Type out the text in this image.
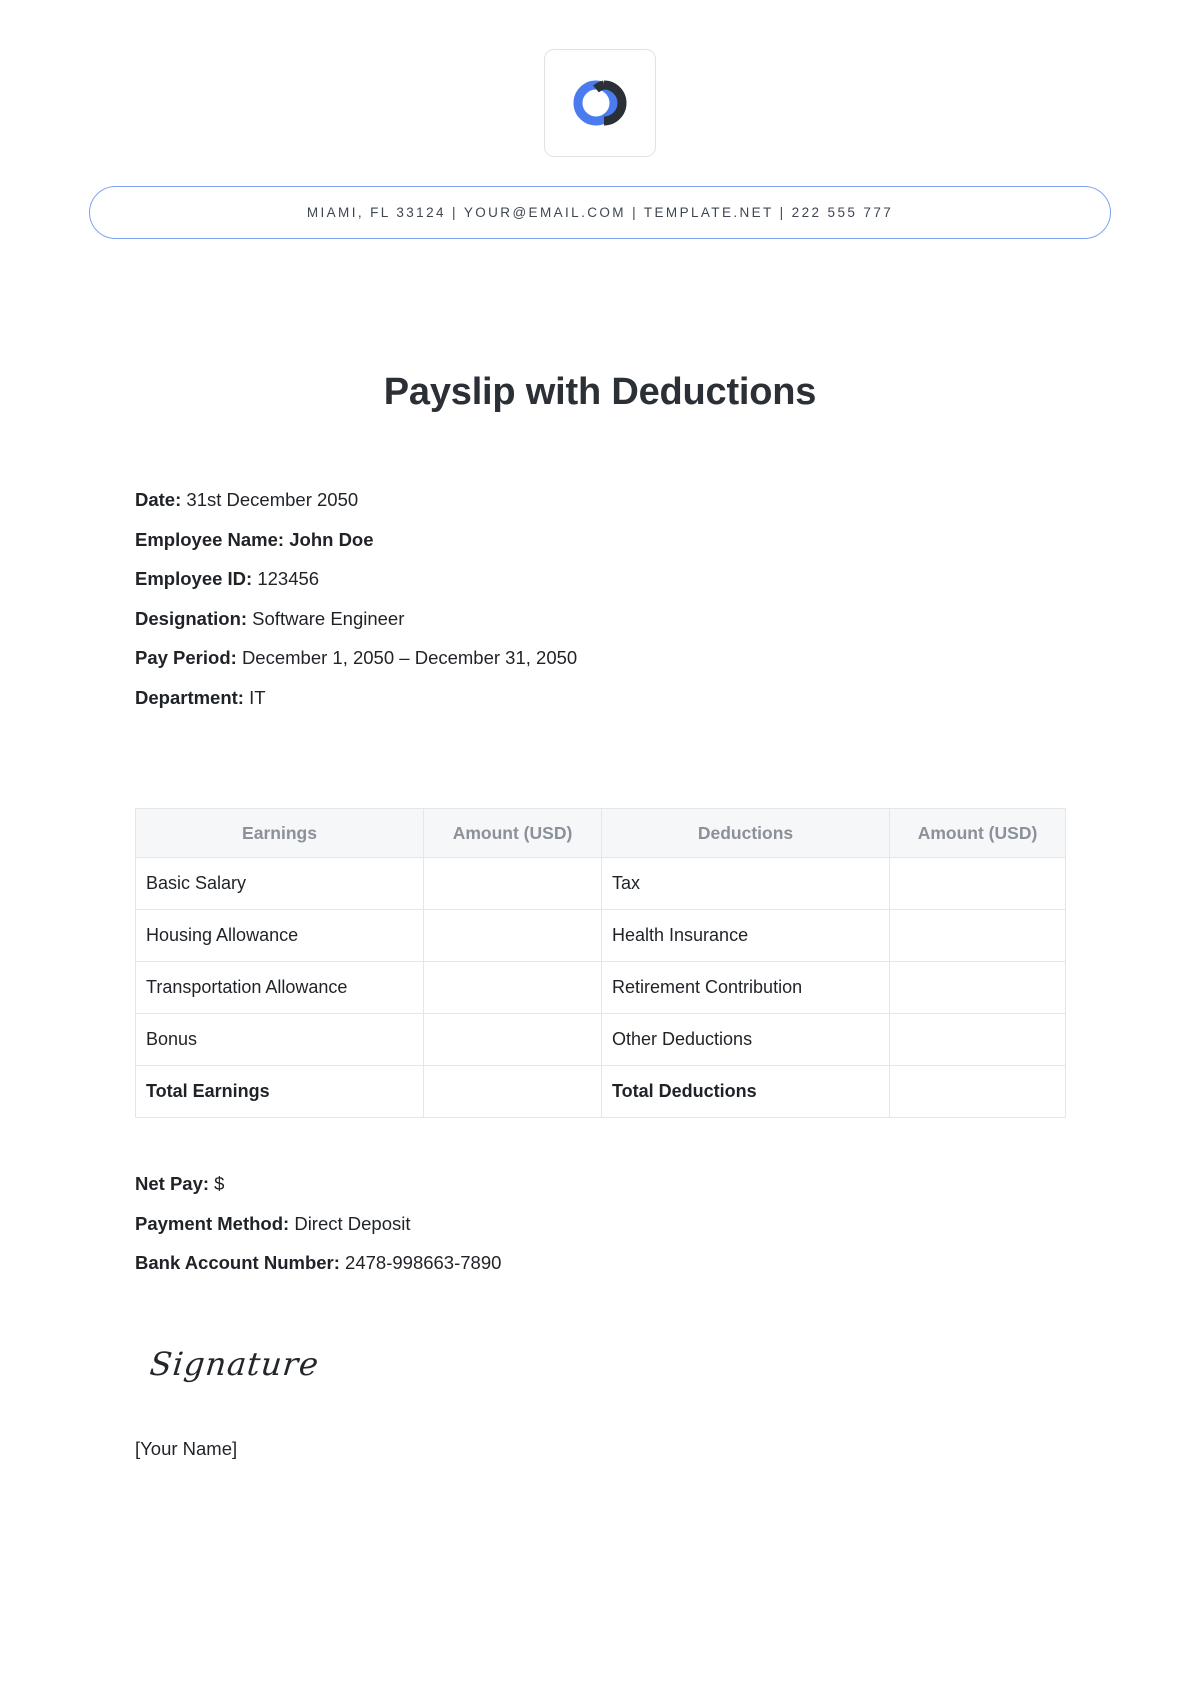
MIAMI, FL 33124 | YOUR@EMAIL.COM | TEMPLATE.NET | 222 555 777
Payslip with Deductions
Date: 31st December 2050
Employee Name: John Doe
Employee ID: 123456
Designation: Software Engineer
Pay Period: December 1, 2050 – December 31, 2050
Department: IT
Earnings	Amount (USD)	Deductions	Amount (USD)
Basic Salary		Tax	
Housing Allowance		Health Insurance	
Transportation Allowance		Retirement Contribution	
Bonus		Other Deductions	
Total Earnings		Total Deductions	
Net Pay: $
Payment Method: Direct Deposit
Bank Account Number: 2478-998663-7890
Signature
[Your Name]
